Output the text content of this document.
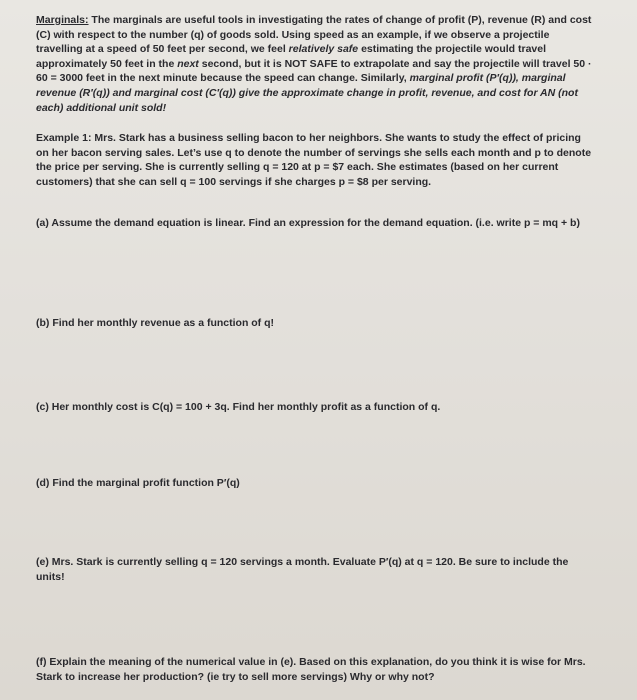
Marginals: The marginals are useful tools in investigating the rates of change of profit (P), revenue (R) and cost (C) with respect to the number (q) of goods sold. Using speed as an example, if we observe a projectile travelling at a speed of 50 feet per second, we feel relatively safe estimating the projectile would travel approximately 50 feet in the next second, but it is NOT SAFE to extrapolate and say the projectile will travel 50 · 60 = 3000 feet in the next minute because the speed can change. Similarly, marginal profit (P′(q)), marginal revenue (R′(q)) and marginal cost (C′(q)) give the approximate change in profit, revenue, and cost for AN (not each) additional unit sold!

Example 1: Mrs. Stark has a business selling bacon to her neighbors. She wants to study the effect of pricing on her bacon serving sales. Let’s use q to denote the number of servings she sells each month and p to denote the price per serving. She is currently selling q = 120 at p = $7 each. She estimates (based on her current customers) that she can sell q = 100 servings if she charges p = $8 per serving.

(a) Assume the demand equation is linear. Find an expression for the demand equation. (i.e. write p = mq + b)

(b) Find her monthly revenue as a function of q!

(c) Her monthly cost is C(q) = 100 + 3q. Find her monthly profit as a function of q.

(d) Find the marginal profit function P′(q)

(e) Mrs. Stark is currently selling q = 120 servings a month. Evaluate P′(q) at q = 120. Be sure to include the units!

(f) Explain the meaning of the numerical value in (e). Based on this explanation, do you think it is wise for Mrs. Stark to increase her production? (ie try to sell more servings) Why or why not?
